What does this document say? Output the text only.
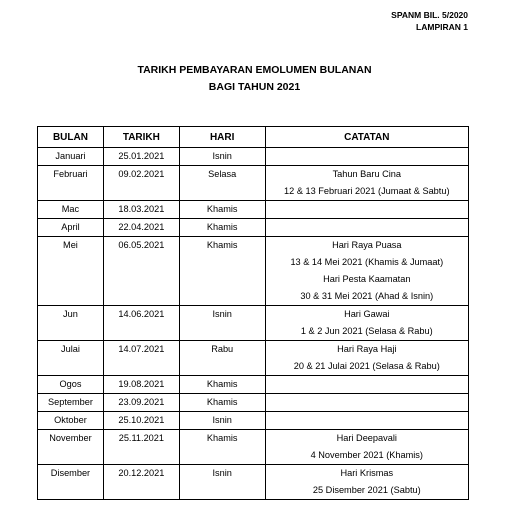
SPANM BIL. 5/2020
LAMPIRAN 1
TARIKH PEMBAYARAN EMOLUMEN BULANAN
BAGI TAHUN 2021
BULAN	TARIKH	HARI	CATATAN

Januari	25.01.2021	Isnin	

Februari	09.02.2021	Selasa	Tahun Baru Cina
12 & 13 Februari 2021 (Jumaat & Sabtu)

Mac	18.03.2021	Khamis	

April	22.04.2021	Khamis	

Mei	06.05.2021	Khamis	Hari Raya Puasa
13 & 14 Mei 2021 (Khamis & Jumaat)
Hari Pesta Kaamatan
30 & 31 Mei 2021 (Ahad & Isnin)

Jun	14.06.2021	Isnin	Hari Gawai
1 & 2 Jun 2021 (Selasa & Rabu)

Julai	14.07.2021	Rabu	Hari Raya Haji
20 & 21 Julai 2021 (Selasa & Rabu)

Ogos	19.08.2021	Khamis	

September	23.09.2021	Khamis	

Oktober	25.10.2021	Isnin	

November	25.11.2021	Khamis	Hari Deepavali
4 November 2021 (Khamis)

Disember	20.12.2021	Isnin	Hari Krismas
25 Disember 2021 (Sabtu)
